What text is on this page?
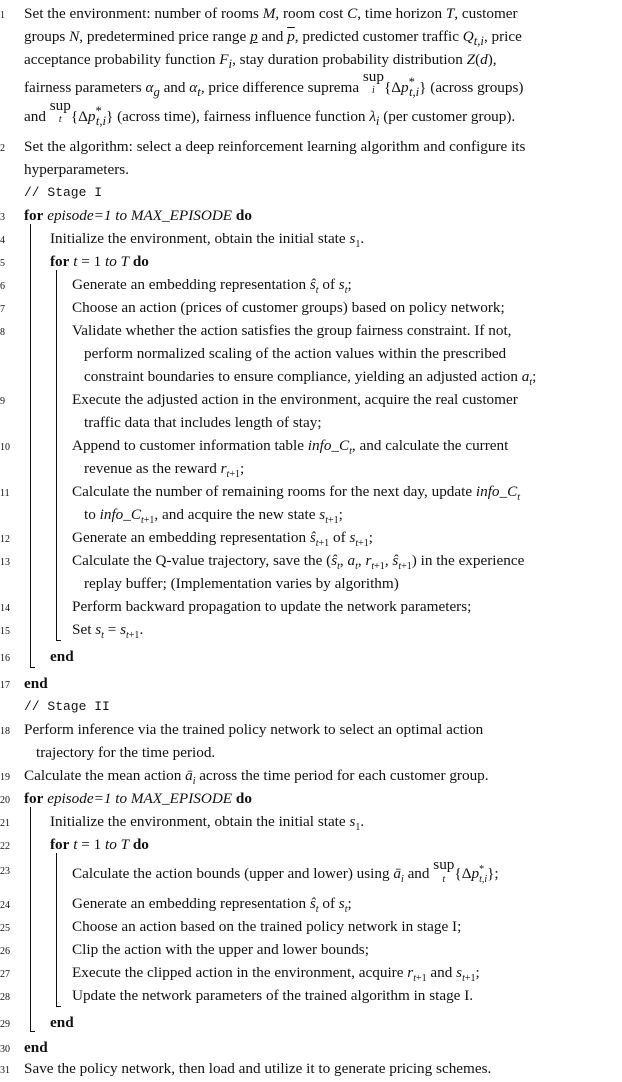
1	Set the environment: number of rooms M, room cost C, time horizon T, customer
groups N, predetermined price range p and $\overline{p}$, predicted customer traffic $Q_{t,i}$, price
acceptance probability function $F_i$, stay duration probability distribution Z(d),
fairness parameters $\alpha_g$ and $\alpha_t$, price difference suprema sup
i $\{\Delta p^*_{t,i}\}$ (across groups)
and sup
t $\{\Delta p^*_{t,i}\}$ (across time), fairness influence function $\lambda_i$ (per customer group).
2	Set the algorithm: select a deep reinforcement learning algorithm and configure its
hyperparameters.
// Stage I
3	for episode=1 to MAX_EPISODE do
4	Initialize the environment, obtain the initial state $s_1$.
5	for t = 1 to T do
6	Generate an embedding representation $ŝ_t$ of $s_t$;
7	Choose an action (prices of customer groups) based on policy network;
8	Validate whether the action satisfies the group fairness constraint. If not,
perform normalized scaling of the action values within the prescribed
constraint boundaries to ensure compliance, yielding an adjusted action $a_t$;
9	Execute the adjusted action in the environment, acquire the real customer
traffic data that includes length of stay;
10	Append to customer information table $info\_C_t$, and calculate the current
revenue as the reward $r_{t+1}$;
11	Calculate the number of remaining rooms for the next day, update $info\_C_t$
to $info\_C_{t+1}$, and acquire the new state $s_{t+1}$;
12	Generate an embedding representation $ŝ_{t+1}$ of $s_{t+1}$;
13	Calculate the Q-value trajectory, save the ($ŝ_t$, $a_t$, $r_{t+1}$, $ŝ_{t+1}$) in the experience
replay buffer; (Implementation varies by algorithm)
14	Perform backward propagation to update the network parameters;
15	Set $s_t = s_{t+1}$.
16	end
17 end
// Stage II
18 Perform inference via the trained policy network to select an optimal action
trajectory for the time period.
19 Calculate the mean action $ā_i$ across the time period for each customer group.
20 for episode=1 to MAX_EPISODE do
21	Initialize the environment, obtain the initial state $s_1$.
22	for t = 1 to T do
23	Calculate the action bounds (upper and lower) using $ā_i$ and sup
t $\{\Delta p^*_{t,i}\}$;
24	Generate an embedding representation $ŝ_t$ of $s_t$;
25	Choose an action based on the trained policy network in stage I;
26	Clip the action with the upper and lower bounds;
27	Execute the clipped action in the environment, acquire $r_{t+1}$ and $s_{t+1}$;
28	Update the network parameters of the trained algorithm in stage I.
29	end
30 end
31 Save the policy network, then load and utilize it to generate pricing schemes.
